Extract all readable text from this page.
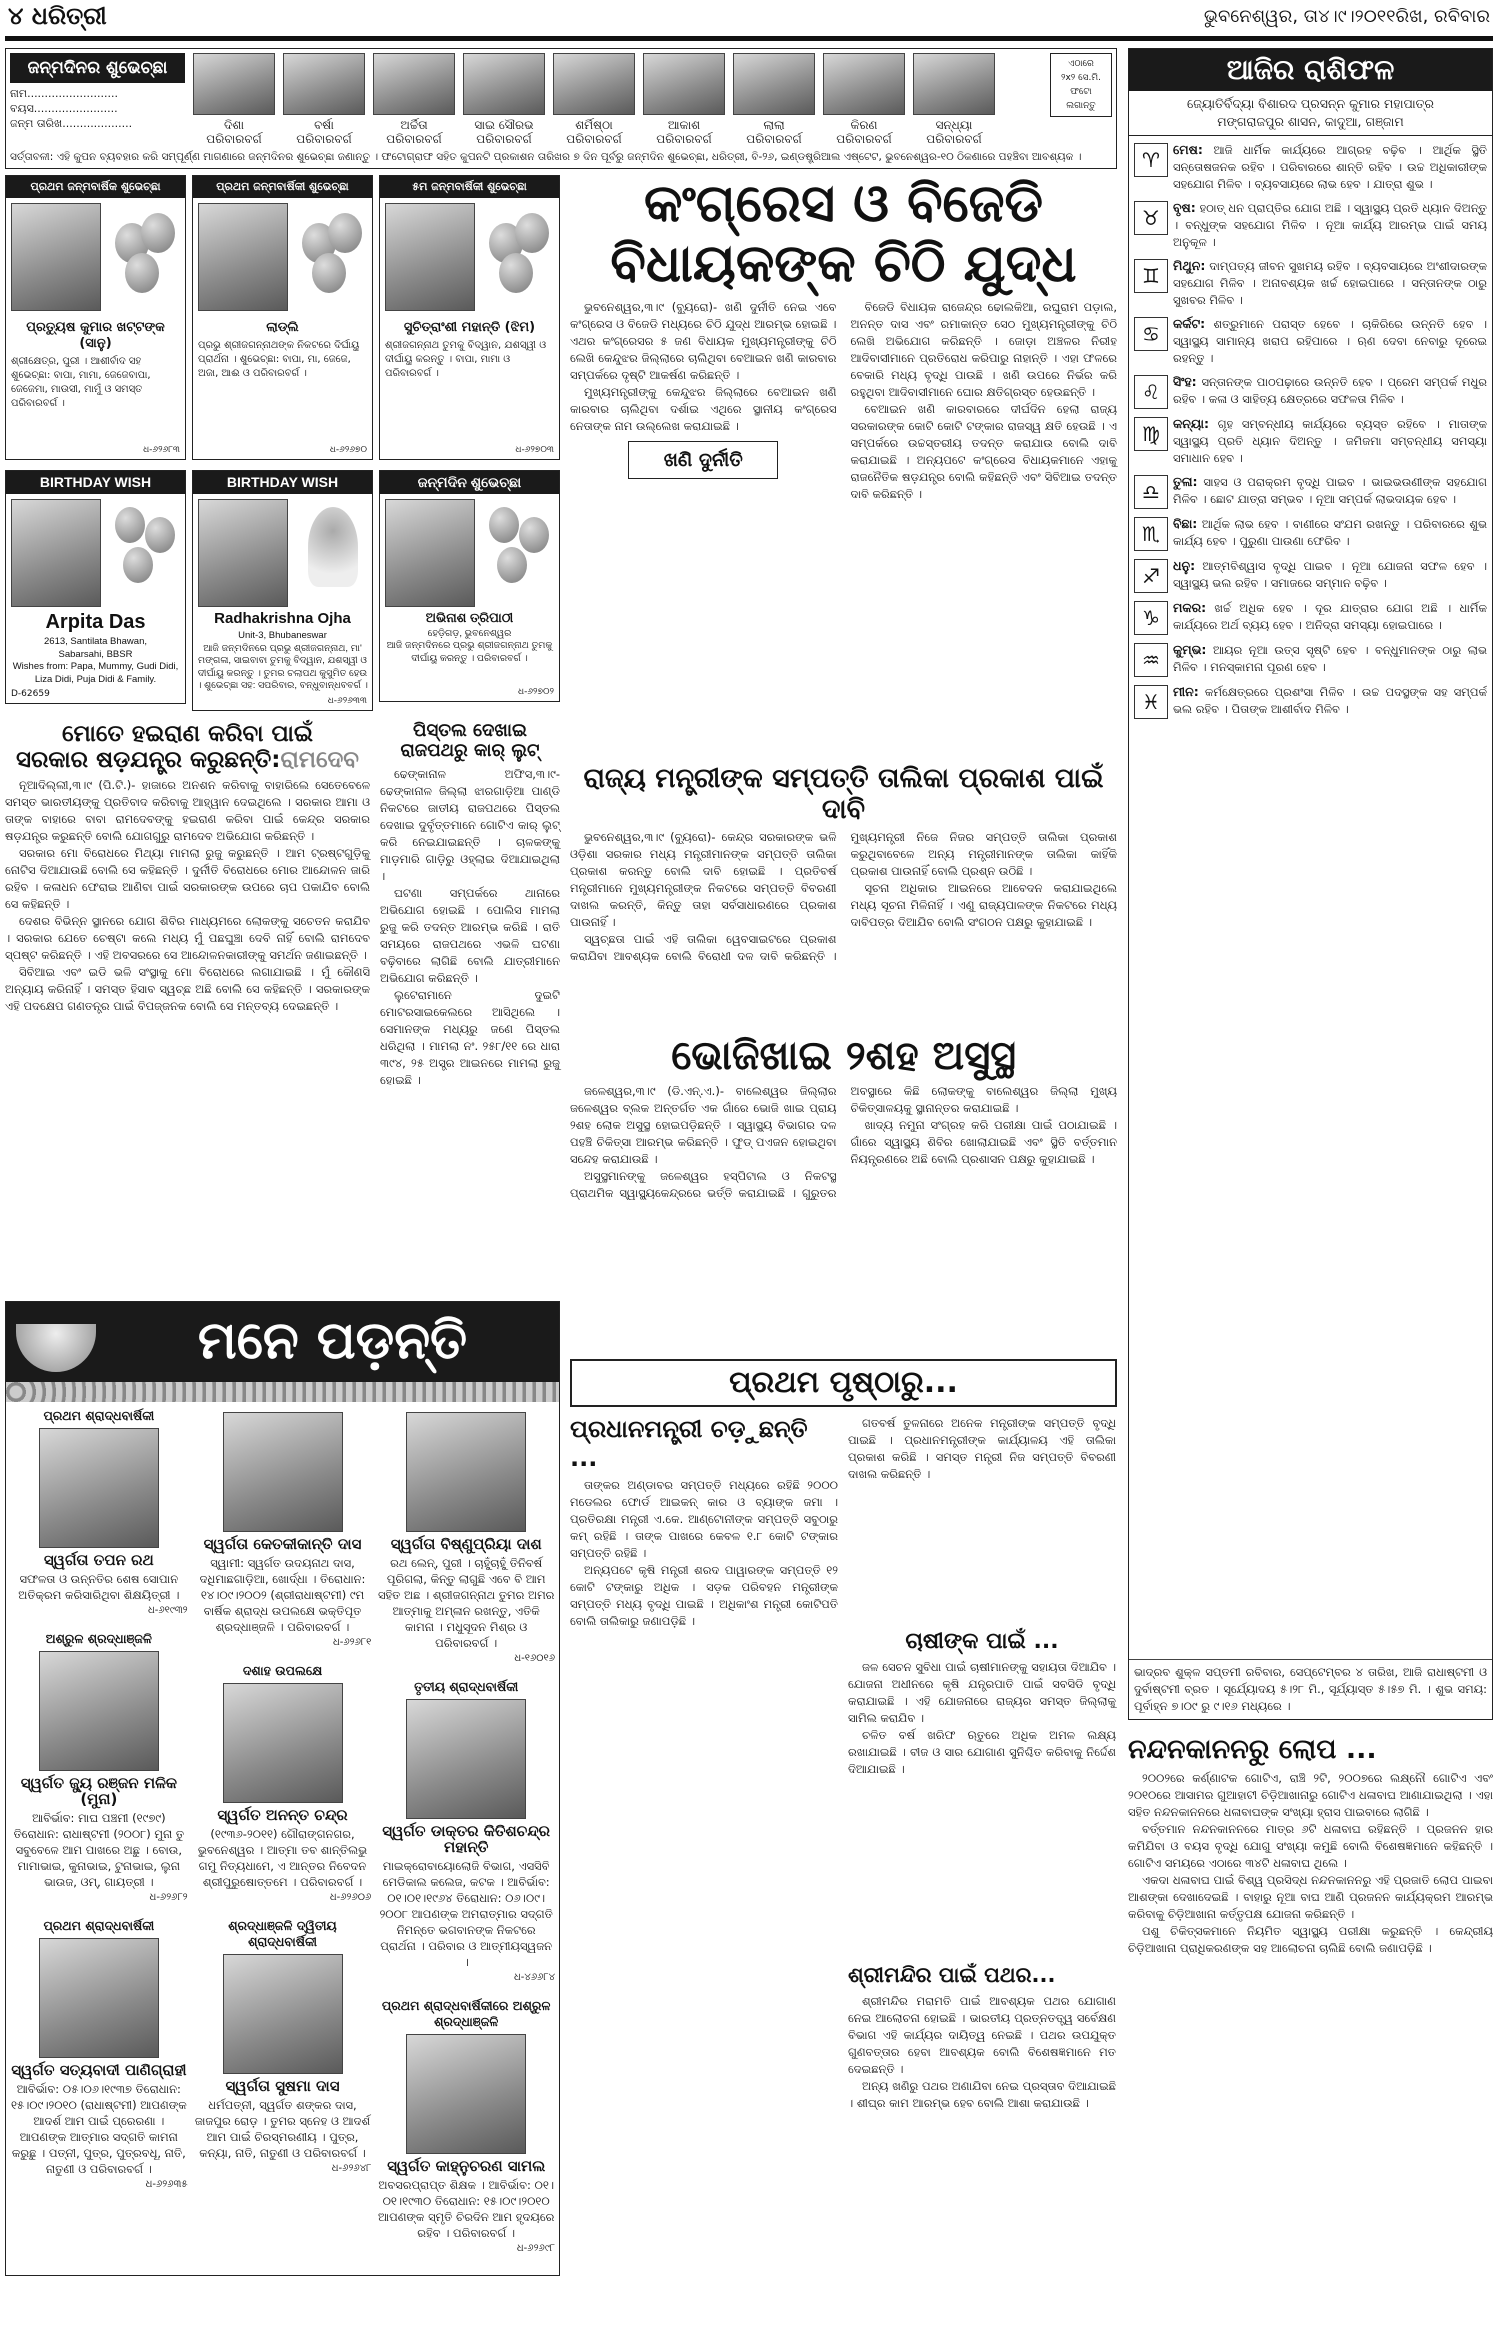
୪ ଧରିତ୍ରୀ	ଭୁବନେଶ୍ୱର, ତା୪।୯।୨୦୧୧ରିଖ, ରବିବାର
ଜନ୍ମଦିନର ଶୁଭେଚ୍ଛା
ନାମ..........................
ବୟସ........................
ଜନ୍ମ ତାରିଖ....................	ଦିଶା
ପରିବାରବର୍ଗ
ବର୍ଷା
ପରିବାରବର୍ଗ
ଅର୍ଚ୍ଚିତା
ପରିବାରବର୍ଗ
ସାଇ ସୌରଭ
ପରିବାରବର୍ଗ
ଶର୍ମିଷ୍ଠା
ପରିବାରବର୍ଗ
ଆକାଶ
ପରିବାରବର୍ଗ
ଲାଲା
ପରିବାରବର୍ଗ
କିରଣ
ପରିବାରବର୍ଗ
ସନ୍ଧ୍ୟା
ପରିବାରବର୍ଗ
ଏଠାରେ
୨x୨ ସେ.ମି.
ଫଟୋ
ଲଗାନ୍ତୁ
ସର୍ତ୍ତାବଳୀ: ଏହି କୁପନ ବ୍ୟବହାର କରି ସମ୍ପୂର୍ଣ୍ଣ ମାଗଣାରେ ଜନ୍ମଦିନର ଶୁଭେଚ୍ଛା ଜଣାନ୍ତୁ । ଫଟୋଗ୍ରାଫ ସହିତ କୁପନଟି ପ୍ରକାଶନ ତାରିଖର ୭ ଦିନ ପୂର୍ବରୁ ଜନ୍ମଦିନ ଶୁଭେଚ୍ଛା, ଧରିତ୍ରୀ, ବି-୨୬, ଇଣ୍ଡଷ୍ଟ୍ରିଆଲ ଏଷ୍ଟେଟ, ଭୁବନେଶ୍ୱର-୧୦ ଠିକଣାରେ ପହଞ୍ଚିବା ଆବଶ୍ୟକ ।
ପ୍ରଥମ ଜନ୍ମବାର୍ଷିକ ଶୁଭେଚ୍ଛା
ପ୍ରତ୍ୟୁଷ କୁମାର ଖଟ୍ଟଙ୍କ (ସାନୁ)
ଶ୍ରୀକ୍ଷେତ୍ର, ପୁରୀ । ଆଶୀର୍ବାଦ ସହ ଶୁଭେଚ୍ଛା: ବାପା, ମାମା, ଜେଜେବାପା, ଜେଜେମା, ମାଉସୀ, ମାମୁଁ ଓ ସମସ୍ତ ପରିବାରବର୍ଗ ।
ଧ-୬୨୬୮୩
ପ୍ରଥମ ଜନ୍ମବାର୍ଷିକୀ ଶୁଭେଚ୍ଛା
ଲାଡ୍ଲି
ପ୍ରଭୁ ଶ୍ରୀଜଗନ୍ନାଥଙ୍କ ନିକଟରେ ଦିର୍ଘାୟୁ ପ୍ରାର୍ଥନା । ଶୁଭେଚ୍ଛା: ବାପା, ମା, ଜେଜେ, ଅଜା, ଆଈ ଓ ପରିବାରବର୍ଗ ।
ଧ-୬୨୬୭୦
୫ମ ଜନ୍ମବାର୍ଷିକୀ ଶୁଭେଚ୍ଛା
ସୁଚିତ୍ରାଂଶୀ ମହାନ୍ତି (ଝିମ)
ଶ୍ରୀଜଗନ୍ନାଥ ତୁମକୁ ବିଦ୍ୱାନ, ଯଶସ୍ୱୀ ଓ ଦୀର୍ଘାୟୁ କରନ୍ତୁ । ବାପା, ମାମା ଓ ପରିବାରବର୍ଗ ।
ଧ-୬୨୭୦୩
BIRTHDAY WISH
Arpita Das
2613, Santilata Bhawan,
Sabarsahi, BBSR
Wishes from: Papa, Mummy, Gudi Didi, Liza Didi, Puja Didi & Family.
D-62659
BIRTHDAY WISH
Radhakrishna Ojha
Unit-3, Bhubaneswar
ଆଜି ଜନ୍ମଦିନରେ ପ୍ରଭୁ ଶ୍ରୀଜଗନ୍ନାଥ, ମା' ମଙ୍ଗଳା, ସାଇବାବା ତୁମକୁ ବିଦ୍ୱାନ, ଯଶସ୍ୱୀ ଓ ଦୀର୍ଘାୟୁ କରନ୍ତୁ । ତୁମର ଚଲାପଥ କୁସୁମିତ ହେଉ । ଶୁଭେଚ୍ଛା ସହ: ସପରିବାର, ବନ୍ଧୁବାନ୍ଧବବର୍ଗ ।
ଧ-୬୨୬୩୩
ଜନ୍ମଦିନ ଶୁଭେଚ୍ଛା
ଅଭିନାଶ ତ୍ରିପାଠୀ
ହେଡ଼ିଗଡ଼, ଭୁବନେଶ୍ୱର
ଆଜି ଜନ୍ମଦିନରେ ପ୍ରଭୁ ଶ୍ରୀଜଗନ୍ନାଥ ତୁମକୁ ଦୀର୍ଘାୟୁ କରନ୍ତୁ । ପରିବାରବର୍ଗ ।
ଧ-୬୨୭୦୨
ମୋତେ ହଇରାଣ କରିବା ପାଇଁ
ସରକାର ଷଡ଼ଯନ୍ତ୍ର କରୁଛନ୍ତି:ରାମଦେବ

ନୂଆଦିଲ୍ଲୀ,୩।୯ (ପି.ଟି.)- ହାଜାରେ ଅନଶନ କରିବାକୁ ବାହାରିଲେ ସେତେବେଳେ ସମସ୍ତ ଭାରତୀୟଙ୍କୁ ପ୍ରତିବାଦ କରିବାକୁ ଆହ୍ୱାନ ଦେଇଥିଲେ । ସରକାର ଆମା ଓ ତାଙ୍କ ବାହାରେ ବାବା ରାମଦେବଙ୍କୁ ହଇରାଣ କରିବା ପାଇଁ କେନ୍ଦ୍ର ସରକାର ଷଡ଼ଯନ୍ତ୍ର କରୁଛନ୍ତି ବୋଲି ଯୋଗଗୁରୁ ରାମଦେବ ଅଭିଯୋଗ କରିଛନ୍ତି ।

ସରକାର ମୋ ବିରୋଧରେ ମିଥ୍ୟା ମାମଲା ରୁଜୁ କରୁଛନ୍ତି । ଆମ ଟ୍ରଷ୍ଟଗୁଡ଼ିକୁ ନୋଟିସ ଦିଆଯାଉଛି ବୋଲି ସେ କହିଛନ୍ତି । ଦୁର୍ନୀତି ବିରୋଧରେ ମୋର ଆନ୍ଦୋଳନ ଜାରି ରହିବ । କଳାଧନ ଫେରାଇ ଆଣିବା ପାଇଁ ସରକାରଙ୍କ ଉପରେ ଚାପ ପକାଯିବ ବୋଲି ସେ କହିଛନ୍ତି ।

ଦେଶର ବିଭିନ୍ନ ସ୍ଥାନରେ ଯୋଗ ଶିବିର ମାଧ୍ୟମରେ ଲୋକଙ୍କୁ ସଚେତନ କରାଯିବ । ସରକାର ଯେତେ ଚେଷ୍ଟା କଲେ ମଧ୍ୟ ମୁଁ ପଛଘୁଞ୍ଚା ଦେବି ନାହିଁ ବୋଲି ରାମଦେବ ସ୍ପଷ୍ଟ କରିଛନ୍ତି । ଏହି ଅବସରରେ ସେ ଆନ୍ଦୋଳନକାରୀଙ୍କୁ ସମର୍ଥନ ଜଣାଇଛନ୍ତି ।

ସିବିଆଇ ଏବଂ ଇଡି ଭଳି ସଂସ୍ଥାକୁ ମୋ ବିରୋଧରେ ଲଗାଯାଇଛି । ମୁଁ କୌଣସି ଅନ୍ୟାୟ କରିନାହିଁ । ସମସ୍ତ ହିସାବ ସ୍ୱଚ୍ଛ ଅଛି ବୋଲି ସେ କହିଛନ୍ତି । ସରକାରଙ୍କ ଏହି ପଦକ୍ଷେପ ଗଣତନ୍ତ୍ର ପାଇଁ ବିପଜ୍ଜନକ ବୋଲି ସେ ମନ୍ତବ୍ୟ ଦେଇଛନ୍ତି ।

ପିସ୍ତଲ ଦେଖାଇ
ରାଜପଥରୁ କାର୍ ଲୁଟ୍

ଢେଙ୍କାନାଳ ଅଫିସ,୩।୯- ଢେଙ୍କାନାଳ ଜିଲ୍ଲା ଝାରଗାଡ଼ିଆ ପାଣ୍ଡି ନିକଟରେ ଜାତୀୟ ରାଜପଥରେ ପିସ୍ତଲ ଦେଖାଇ ଦୁର୍ବୃତ୍ତମାନେ ଗୋଟିଏ କାର୍ ଲୁଟ୍ କରି ନେଇଯାଇଛନ୍ତି । ଚାଳକଙ୍କୁ ମାଡ଼ମାରି ଗାଡ଼ିରୁ ଓହ୍ଲାଇ ଦିଆଯାଇଥିଲା ।

ଘଟଣା ସମ୍ପର୍କରେ ଥାନାରେ ଅଭିଯୋଗ ହୋଇଛି । ପୋଲିସ ମାମଲା ରୁଜୁ କରି ତଦନ୍ତ ଆରମ୍ଭ କରିଛି । ରାତି ସମୟରେ ରାଜପଥରେ ଏଭଳି ଘଟଣା ବଢ଼ିବାରେ ଲାଗିଛି ବୋଲି ଯାତ୍ରୀମାନେ ଅଭିଯୋଗ କରିଛନ୍ତି ।

ଲୁଟେରାମାନେ ଦୁଇଟି ମୋଟରସାଇକେଲରେ ଆସିଥିଲେ । ସେମାନଙ୍କ ମଧ୍ୟରୁ ଜଣେ ପିସ୍ତଲ ଧରିଥିଲା । ମାମଲା ନଂ. ୨୫୮/୧୧ ରେ ଧାରା ୩୯୪, ୨୫ ଅସ୍ତ୍ର ଆଇନରେ ମାମଲା ରୁଜୁ ହୋଇଛି ।

ମନେ ପଡ଼ନ୍ତି
ପ୍ରଥମ ଶ୍ରାଦ୍ଧବାର୍ଷିକୀ
ସ୍ୱର୍ଗତା ତପନ ରଥ
ସଫଳତା ଓ ଉନ୍ନତିର ଶେଷ ସୋପାନ ଅତିକ୍ରମ କରିସାରିଥିବା ଶିକ୍ଷୟିତ୍ରୀ ।
ଧ-୬୧୯୩୨
ଅଶ୍ରୁଳ ଶ୍ରଦ୍ଧାଞ୍ଜଳି
ସ୍ୱର୍ଗତ ଜ୍ୟୁ ରଞ୍ଜନ ମଳିକ (ମୁନା)
ଆବିର୍ଭାବ: ମାଘ ପଞ୍ଚମୀ (୧୯୭୯) ତିରୋଧାନ: ରାଧାଷ୍ଟମୀ (୨୦୦୮) ମୁନା ତୁ ସବୁବେଳେ ଆମ ପାଖରେ ଅଛୁ । ବୋଉ, ମାମାଭାଇ, କୁନାଭାଇ, ଟୁନାଭାଇ, ଲୁନା ଭାଉଜ, ଓମ୍, ଗାୟତ୍ରୀ ।
ଧ-୬୨୬୮୨
ପ୍ରଥମ ଶ୍ରାଦ୍ଧବାର୍ଷିକୀ
ସ୍ୱର୍ଗତ ସତ୍ୟବାଦୀ ପାଣିଗ୍ରାହୀ
ଆବିର୍ଭାବ: ୦୫।୦୬।୧୯୩୭ ତିରୋଧାନ: ୧୫।୦୯।୨୦୧୦ (ରାଧାଷ୍ଟମୀ) ଆପଣଙ୍କ ଆଦର୍ଶ ଆମ ପାଇଁ ପ୍ରେରଣା । ଆପଣଙ୍କ ଆତ୍ମାର ସଦ୍‌ଗତି କାମନା କରୁଛୁ । ପତ୍ନୀ, ପୁତ୍ର, ପୁତ୍ରବଧୂ, ନାତି, ନାତୁଣୀ ଓ ପରିବାରବର୍ଗ ।
ଧ-୬୨୬୩୫
ସ୍ୱର୍ଗତା କେତକୀକାନ୍ତି ଦାସ
ସ୍ୱାମୀ: ସ୍ୱର୍ଗତ ଉଦୟନାଥ ଦାସ, ଦଧିମାଛଗାଡ଼ିଆ, ଖୋର୍ଦ୍ଧା । ତିରୋଧାନ: ୧୪।୦୯।୨୦୦୨ (ଶ୍ରୀରାଧାଷ୍ଟମୀ) ୯ମ ବାର୍ଷିକ ଶ୍ରାଦ୍ଧ ଉପଲକ୍ଷେ ଭକ୍ତିପୂତ ଶ୍ରଦ୍ଧାଞ୍ଜଳି । ପରିବାରବର୍ଗ ।
ଧ-୬୨୬୮୧
ଦଶାହ ଉପଲକ୍ଷେ
ସ୍ୱର୍ଗତ ଅନନ୍ତ ଚନ୍ଦ୍ର
(୧୯୩୬-୨୦୧୧) ଗୌରାଙ୍ଗନଗର, ଭୁବନେଶ୍ୱର । ଆତ୍ମା ତବ ଶାନ୍ତିଲଭୁ ଗମୁ ନିତ୍ୟଧାମେ, ଏ ଆନ୍ତର ନିବେଦନ ଶ୍ରୀପୁରୁଷୋତ୍ତମେ । ପରିବାରବର୍ଗ ।
ଧ-୬୨୬୦୬
ଶ୍ରଦ୍ଧାଞ୍ଜଳି ଦ୍ୱିତୀୟ ଶ୍ରାଦ୍ଧବାର୍ଷିକୀ
ସ୍ୱର୍ଗତା ସୁଷମା ଦାସ
ଧର୍ମପତ୍ନୀ, ସ୍ୱର୍ଗତ ଶଙ୍କର ଦାସ, ଜାଜପୁର ରୋଡ଼ । ତୁମର ସ୍ନେହ ଓ ଆଦର୍ଶ ଆମ ପାଇଁ ଚିରସ୍ମରଣୀୟ । ପୁତ୍ର, କନ୍ୟା, ନାତି, ନାତୁଣୀ ଓ ପରିବାରବର୍ଗ ।
ଧ-୬୨୬୪୮
ସ୍ୱର୍ଗତା ବିଷ୍ଣୁପ୍ରିୟା ଦାଶ
ରଥ ଲେନ୍, ପୁରୀ । ଚାହୁଁଚାହୁଁ ତିନିବର୍ଷ ପୂରିଗଲା, କିନ୍ତୁ ଲାଗୁଛି ଏବେ ବି ଆମ ସହିତ ଅଛ । ଶ୍ରୀଜଗନ୍ନାଥ ତୁମର ଅମର ଆତ୍ମାକୁ ଅମ୍ଳାନ ରଖନ୍ତୁ, ଏତିକି କାମନା । ମଧୁସୂଦନ ମିଶ୍ର ଓ ପରିବାରବର୍ଗ ।
ଧ-୧୬୦୧୬
ତୃତୀୟ ଶ୍ରାଦ୍ଧବାର୍ଷିକୀ
ସ୍ୱର୍ଗତ ଡାକ୍ତର କିତିଶଚନ୍ଦ୍ର ମହାନ୍ତି
ମାଇକ୍ରୋବାୟୋଲୋଜି ବିଭାଗ, ଏସସିବି ମେଡିକାଲ କଲେଜ, କଟକ । ଆବିର୍ଭାବ: ୦୧।୦୧।୧୯୬୪ ତିରୋଧାନ: ୦୬।୦୯।୨୦୦୮ ଆପଣଙ୍କ ଅମରାତ୍ମାର ସଦ୍‌ଗତି ନିମନ୍ତେ ଭଗବାନଙ୍କ ନିକଟରେ ପ୍ରାର୍ଥନା । ପରିବାର ଓ ଆତ୍ମୀୟସ୍ୱଜନ ।
ଧ-୪୬୬୮୪
ପ୍ରଥମ ଶ୍ରାଦ୍ଧବାର୍ଷିକୀରେ ଅଶ୍ରୁଳ ଶ୍ରଦ୍ଧାଞ୍ଜଳି
ସ୍ୱର୍ଗତ କାହ୍ନୁଚରଣ ସାମଲ
ଅବସରପ୍ରାପ୍ତ ଶିକ୍ଷକ । ଆବିର୍ଭାବ: ୦୧।୦୧।୧୯୩୦ ତିରୋଧାନ: ୧୫।୦୯।୨୦୧୦ ଆପଣଙ୍କ ସ୍ମୃତି ଚିରଦିନ ଆମ ହୃଦୟରେ ରହିବ । ପରିବାରବର୍ଗ ।
ଧ-୬୨୬୯୮
କଂଗ୍ରେସ ଓ ବିଜେଡି
ବିଧାୟକଙ୍କ ଚିଠି ଯୁଦ୍ଧ

ଭୁବନେଶ୍ୱର,୩।୯ (ବ୍ୟୁରୋ)- ଖଣି ଦୁର୍ନୀତି ନେଇ ଏବେ କଂଗ୍ରେସ ଓ ବିଜେଡି ମଧ୍ୟରେ ଚିଠି ଯୁଦ୍ଧ ଆରମ୍ଭ ହୋଇଛି । ଏଥର କଂଗ୍ରେସର ୫ ଜଣ ବିଧାୟକ ମୁଖ୍ୟମନ୍ତ୍ରୀଙ୍କୁ ଚିଠି ଲେଖି କେନ୍ଦୁଝର ଜିଲ୍ଲାରେ ଚାଲିଥିବା ବେଆଇନ ଖଣି କାରବାର ସମ୍ପର୍କରେ ଦୃଷ୍ଟି ଆକର୍ଷଣ କରିଛନ୍ତି ।

ମୁଖ୍ୟମନ୍ତ୍ରୀଙ୍କୁ କେନ୍ଦୁଝର ଜିଲ୍ଲାରେ ବେଆଇନ ଖଣି କାରବାର ଚାଲିଥିବା ଦର୍ଶାଇ ଏଥିରେ ସ୍ଥାନୀୟ କଂଗ୍ରେସ ନେତାଙ୍କ ନାମ ଉଲ୍ଲେଖ କରାଯାଇଛି ।

ଖଣି ଦୁର୍ନୀତି

ବିଜେଡି ବିଧାୟକ ରାଜେନ୍ଦ୍ର ଢୋଲକିଆ, ରଘୁରାମ ପଡ଼ାଲ, ଅନନ୍ତ ଦାସ ଏବଂ ରମାକାନ୍ତ ସେଠ ମୁଖ୍ୟମନ୍ତ୍ରୀଙ୍କୁ ଚିଠି ଲେଖି ଅଭିଯୋଗ କରିଛନ୍ତି । ଜୋଡ଼ା ଅଞ୍ଚଳର ନିରୀହ ଆଦିବାସୀମାନେ ପ୍ରତିରୋଧ କରିପାରୁ ନାହାନ୍ତି । ଏହା ଫଳରେ ବେକାରି ମଧ୍ୟ ବୃଦ୍ଧି ପାଉଛି । ଖଣି ଉପରେ ନିର୍ଭର କରି ରହୁଥିବା ଆଦିବାସୀମାନେ ଘୋର କ୍ଷତିଗ୍ରସ୍ତ ହେଉଛନ୍ତି ।

ବେଆଇନ ଖଣି କାରବାରରେ ଦୀର୍ଘଦିନ ହେଲା ରାଜ୍ୟ ସରକାରଙ୍କ କୋଟି କୋଟି ଟଙ୍କାର ରାଜସ୍ୱ କ୍ଷତି ହେଉଛି । ଏ ସମ୍ପର୍କରେ ଉଚ୍ଚସ୍ତରୀୟ ତଦନ୍ତ କରାଯାଉ ବୋଲି ଦାବି କରାଯାଇଛି । ଅନ୍ୟପଟେ କଂଗ୍ରେସ ବିଧାୟକମାନେ ଏହାକୁ ରାଜନୈତିକ ଷଡ଼ଯନ୍ତ୍ର ବୋଲି କହିଛନ୍ତି ଏବଂ ସିବିଆଇ ତଦନ୍ତ ଦାବି କରିଛନ୍ତି ।

ରାଜ୍ୟ ମନ୍ତ୍ରୀଙ୍କ ସମ୍ପତ୍ତି ତାଲିକା ପ୍ରକାଶ ପାଇଁ ଦାବି

ଭୁବନେଶ୍ୱର,୩।୯ (ବ୍ୟୁରୋ)- କେନ୍ଦ୍ର ସରକାରଙ୍କ ଭଳି ଓଡ଼ିଶା ସରକାର ମଧ୍ୟ ମନ୍ତ୍ରୀମାନଙ୍କ ସମ୍ପତ୍ତି ତାଲିକା ପ୍ରକାଶ କରନ୍ତୁ ବୋଲି ଦାବି ହୋଇଛି । ପ୍ରତିବର୍ଷ ମନ୍ତ୍ରୀମାନେ ମୁଖ୍ୟମନ୍ତ୍ରୀଙ୍କ ନିକଟରେ ସମ୍ପତ୍ତି ବିବରଣୀ ଦାଖଲ କରନ୍ତି, କିନ୍ତୁ ତାହା ସର୍ବସାଧାରଣରେ ପ୍ରକାଶ ପାଉନାହିଁ ।

ସ୍ୱଚ୍ଛତା ପାଇଁ ଏହି ତାଲିକା ୱେବସାଇଟରେ ପ୍ରକାଶ କରାଯିବା ଆବଶ୍ୟକ ବୋଲି ବିରୋଧୀ ଦଳ ଦାବି କରିଛନ୍ତି । ମୁଖ୍ୟମନ୍ତ୍ରୀ ନିଜେ ନିଜର ସମ୍ପତ୍ତି ତାଲିକା ପ୍ରକାଶ କରୁଥିବାବେଳେ ଅନ୍ୟ ମନ୍ତ୍ରୀମାନଙ୍କ ତାଲିକା କାହିଁକି ପ୍ରକାଶ ପାଉନାହିଁ ବୋଲି ପ୍ରଶ୍ନ ଉଠିଛି ।

ସୂଚନା ଅଧିକାର ଆଇନରେ ଆବେଦନ କରାଯାଇଥିଲେ ମଧ୍ୟ ସୂଚନା ମିଳିନାହିଁ । ଏଣୁ ରାଜ୍ୟପାଳଙ୍କ ନିକଟରେ ମଧ୍ୟ ଦାବିପତ୍ର ଦିଆଯିବ ବୋଲି ସଂଗଠନ ପକ୍ଷରୁ କୁହାଯାଇଛି ।

ଭୋଜିଖାଇ ୨ଶହ ଅସୁସ୍ଥ

ଜଳେଶ୍ୱର,୩।୯ (ଡି.ଏନ୍.ଏ.)- ବାଲେଶ୍ୱର ଜିଲ୍ଲାର ଜଳେଶ୍ୱର ବ୍ଲକ ଅନ୍ତର୍ଗତ ଏକ ଗାଁରେ ଭୋଜି ଖାଇ ପ୍ରାୟ ୨ଶହ ଲୋକ ଅସୁସ୍ଥ ହୋଇପଡ଼ିଛନ୍ତି । ସ୍ୱାସ୍ଥ୍ୟ ବିଭାଗର ଦଳ ପହଞ୍ଚି ଚିକିତ୍ସା ଆରମ୍ଭ କରିଛନ୍ତି । ଫୁଡ୍ ପଏଜନ ହୋଇଥିବା ସନ୍ଦେହ କରାଯାଉଛି ।

ଅସୁସ୍ଥମାନଙ୍କୁ ଜଳେଶ୍ୱର ହସ୍ପିଟାଲ ଓ ନିକଟସ୍ଥ ପ୍ରାଥମିକ ସ୍ୱାସ୍ଥ୍ୟକେନ୍ଦ୍ରରେ ଭର୍ତ୍ତି କରାଯାଇଛି । ଗୁରୁତର ଅବସ୍ଥାରେ କିଛି ଲୋକଙ୍କୁ ବାଲେଶ୍ୱର ଜିଲ୍ଲା ମୁଖ୍ୟ ଚିକିତ୍ସାଳୟକୁ ସ୍ଥାନାନ୍ତର କରାଯାଇଛି ।

ଖାଦ୍ୟ ନମୁନା ସଂଗ୍ରହ କରି ପରୀକ୍ଷା ପାଇଁ ପଠାଯାଇଛି । ଗାଁରେ ସ୍ୱାସ୍ଥ୍ୟ ଶିବିର ଖୋଲାଯାଇଛି ଏବଂ ସ୍ଥିତି ବର୍ତ୍ତମାନ ନିୟନ୍ତ୍ରଣରେ ଅଛି ବୋଲି ପ୍ରଶାସନ ପକ୍ଷରୁ କୁହାଯାଇଛି ।

ପ୍ରଥମ ପୃଷ୍ଠାରୁ...
ପ୍ରଧାନମନ୍ତ୍ରୀ ଚଡ଼ୁଛନ୍ତି ...

ତାଙ୍କର ଅଣ୍ଡାବର ସମ୍ପତ୍ତି ମଧ୍ୟରେ ରହିଛି ୨୦୦୦ ମଡେଲର ଫୋର୍ଡ ଆଇକନ୍ କାର ଓ ବ୍ୟାଙ୍କ ଜମା । ପ୍ରତିରକ୍ଷା ମନ୍ତ୍ରୀ ଏ.କେ. ଆଣ୍ଟୋନୀଙ୍କ ସମ୍ପତ୍ତି ସବୁଠାରୁ କମ୍ ରହିଛି । ତାଙ୍କ ପାଖରେ କେବଳ ୧.୮ କୋଟି ଟଙ୍କାର ସମ୍ପତ୍ତି ରହିଛି ।

ଅନ୍ୟପଟେ କୃଷି ମନ୍ତ୍ରୀ ଶରଦ ପାୱାରଙ୍କ ସମ୍ପତ୍ତି ୧୨ କୋଟି ଟଙ୍କାରୁ ଅଧିକ । ସଡ଼କ ପରିବହନ ମନ୍ତ୍ରୀଙ୍କ ସମ୍ପତ୍ତି ମଧ୍ୟ ବୃଦ୍ଧି ପାଇଛି । ଅଧିକାଂଶ ମନ୍ତ୍ରୀ କୋଟିପତି ବୋଲି ତାଲିକାରୁ ଜଣାପଡ଼ିଛି ।

ଗତବର୍ଷ ତୁଳନାରେ ଅନେକ ମନ୍ତ୍ରୀଙ୍କ ସମ୍ପତ୍ତି ବୃଦ୍ଧି ପାଇଛି । ପ୍ରଧାନମନ୍ତ୍ରୀଙ୍କ କାର୍ଯ୍ୟାଳୟ ଏହି ତାଲିକା ପ୍ରକାଶ କରିଛି । ସମସ୍ତ ମନ୍ତ୍ରୀ ନିଜ ସମ୍ପତ୍ତି ବିବରଣୀ ଦାଖଲ କରିଛନ୍ତି ।

ଚାଷୀଙ୍କ ପାଇଁ ...

ଜଳ ସେଚନ ସୁବିଧା ପାଇଁ ଚାଷୀମାନଙ୍କୁ ସହାୟତା ଦିଆଯିବ । ଯୋଜନା ଅଧୀନରେ କୃଷି ଯନ୍ତ୍ରପାତି ପାଇଁ ସବସିଡି ବୃଦ୍ଧି କରାଯାଇଛି । ଏହି ଯୋଜନାରେ ରାଜ୍ୟର ସମସ୍ତ ଜିଲ୍ଲାକୁ ସାମିଲ କରାଯିବ ।

ଚଳିତ ବର୍ଷ ଖରିଫ ଋତୁରେ ଅଧିକ ଅମଳ ଲକ୍ଷ୍ୟ ରଖାଯାଇଛି । ବୀଜ ଓ ସାର ଯୋଗାଣ ସୁନିଶ୍ଚିତ କରିବାକୁ ନିର୍ଦ୍ଦେଶ ଦିଆଯାଇଛି ।

ଶ୍ରୀମନ୍ଦିର ପାଇଁ ପଥର...

ଶ୍ରୀମନ୍ଦିର ମରାମତି ପାଇଁ ଆବଶ୍ୟକ ପଥର ଯୋଗାଣ ନେଇ ଆଲୋଚନା ହୋଇଛି । ଭାରତୀୟ ପ୍ରତ୍ନତତ୍ତ୍ୱ ସର୍ବେକ୍ଷଣ ବିଭାଗ ଏହି କାର୍ଯ୍ୟର ଦାୟିତ୍ୱ ନେଇଛି । ପଥର ଉପଯୁକ୍ତ ଗୁଣବତ୍ତାର ହେବା ଆବଶ୍ୟକ ବୋଲି ବିଶେଷଜ୍ଞମାନେ ମତ ଦେଇଛନ୍ତି ।

ଅନ୍ୟ ଖଣିରୁ ପଥର ଅଣାଯିବା ନେଇ ପ୍ରସ୍ତାବ ଦିଆଯାଇଛି । ଶୀଘ୍ର କାମ ଆରମ୍ଭ ହେବ ବୋଲି ଆଶା କରାଯାଉଛି ।

ଆଜିର ରାଶିଫଳ
ଜ୍ୟୋତିର୍ବିଦ୍ୟା ବିଶାରଦ ପ୍ରସନ୍ନ କୁମାର ମହାପାତ୍ର
ମଙ୍ଗରାଜପୁର ଶାସନ, କାଦୁଆ, ଗଞ୍ଜାମ
♈	ମେଷ: ଆଜି ଧାର୍ମିକ କାର୍ଯ୍ୟରେ ଆଗ୍ରହ ବଢ଼ିବ । ଆର୍ଥିକ ସ୍ଥିତି ସନ୍ତୋଷଜନକ ରହିବ । ପରିବାରରେ ଶାନ୍ତି ରହିବ । ଉଚ୍ଚ ଅଧିକାରୀଙ୍କ ସହଯୋଗ ମିଳିବ । ବ୍ୟବସାୟରେ ଲାଭ ହେବ । ଯାତ୍ରା ଶୁଭ ।
♉	ବୃଷ: ହଠାତ୍ ଧନ ପ୍ରାପ୍ତିର ଯୋଗ ଅଛି । ସ୍ୱାସ୍ଥ୍ୟ ପ୍ରତି ଧ୍ୟାନ ଦିଅନ୍ତୁ । ବନ୍ଧୁଙ୍କ ସହଯୋଗ ମିଳିବ । ନୂଆ କାର୍ଯ୍ୟ ଆରମ୍ଭ ପାଇଁ ସମୟ ଅନୁକୂଳ ।
♊	ମିଥୁନ: ଦାମ୍ପତ୍ୟ ଜୀବନ ସୁଖମୟ ରହିବ । ବ୍ୟବସାୟରେ ଅଂଶୀଦାରଙ୍କ ସହଯୋଗ ମିଳିବ । ଅନାବଶ୍ୟକ ଖର୍ଚ୍ଚ ହୋଇପାରେ । ସନ୍ତାନଙ୍କ ଠାରୁ ସୁଖବର ମିଳିବ ।
♋	କର୍କଟ: ଶତ୍ରୁମାନେ ପରାସ୍ତ ହେବେ । ଚାକିରିରେ ଉନ୍ନତି ହେବ । ସ୍ୱାସ୍ଥ୍ୟ ସାମାନ୍ୟ ଖରାପ ରହିପାରେ । ଋଣ ଦେବା ନେବାରୁ ଦୂରେଇ ରହନ୍ତୁ ।
♌	ସିଂହ: ସନ୍ତାନଙ୍କ ପାଠପଢ଼ାରେ ଉନ୍ନତି ହେବ । ପ୍ରେମ ସମ୍ପର୍କ ମଧୁର ରହିବ । କଳା ଓ ସାହିତ୍ୟ କ୍ଷେତ୍ରରେ ସଫଳତା ମିଳିବ ।
♍	କନ୍ୟା: ଗୃହ ସମ୍ବନ୍ଧୀୟ କାର୍ଯ୍ୟରେ ବ୍ୟସ୍ତ ରହିବେ । ମାତାଙ୍କ ସ୍ୱାସ୍ଥ୍ୟ ପ୍ରତି ଧ୍ୟାନ ଦିଅନ୍ତୁ । ଜମିଜମା ସମ୍ବନ୍ଧୀୟ ସମସ୍ୟା ସମାଧାନ ହେବ ।
♎	ତୁଳା: ସାହସ ଓ ପରାକ୍ରମ ବୃଦ୍ଧି ପାଇବ । ଭାଇଭଉଣୀଙ୍କ ସହଯୋଗ ମିଳିବ । ଛୋଟ ଯାତ୍ରା ସମ୍ଭବ । ନୂଆ ସମ୍ପର୍କ ଲାଭଦାୟକ ହେବ ।
♏	ବିଛା: ଆର୍ଥିକ ଲାଭ ହେବ । ବାଣୀରେ ସଂଯମ ରଖନ୍ତୁ । ପରିବାରରେ ଶୁଭ କାର୍ଯ୍ୟ ହେବ । ପୁରୁଣା ପାଉଣା ଫେରିବ ।
♐	ଧନୁ: ଆତ୍ମବିଶ୍ୱାସ ବୃଦ୍ଧି ପାଇବ । ନୂଆ ଯୋଜନା ସଫଳ ହେବ । ସ୍ୱାସ୍ଥ୍ୟ ଭଲ ରହିବ । ସମାଜରେ ସମ୍ମାନ ବଢ଼ିବ ।
♑	ମକର: ଖର୍ଚ୍ଚ ଅଧିକ ହେବ । ଦୂର ଯାତ୍ରାର ଯୋଗ ଅଛି । ଧାର୍ମିକ କାର୍ଯ୍ୟରେ ଅର୍ଥ ବ୍ୟୟ ହେବ । ଅନିଦ୍ରା ସମସ୍ୟା ହୋଇପାରେ ।
♒	କୁମ୍ଭ: ଆୟର ନୂଆ ଉତ୍ସ ସୃଷ୍ଟି ହେବ । ବନ୍ଧୁମାନଙ୍କ ଠାରୁ ଲାଭ ମିଳିବ । ମନସ୍କାମନା ପୂରଣ ହେବ ।
♓	ମୀନ: କର୍ମକ୍ଷେତ୍ରରେ ପ୍ରଶଂସା ମିଳିବ । ଉଚ୍ଚ ପଦସ୍ଥଙ୍କ ସହ ସମ୍ପର୍କ ଭଲ ରହିବ । ପିତାଙ୍କ ଆଶୀର୍ବାଦ ମିଳିବ ।
ଭାଦ୍ରବ ଶୁକ୍ଳ ସପ୍ତମୀ ରବିବାର, ସେପ୍ଟେମ୍ବର ୪ ତାରିଖ, ଆଜି ରାଧାଷ୍ଟମୀ ଓ ଦୁର୍ବାଷ୍ଟମୀ ବ୍ରତ । ସୂର୍ଯ୍ୟୋଦୟ ୫।୨୮ ମି., ସୂର୍ଯ୍ୟାସ୍ତ ୫।୫୭ ମି. । ଶୁଭ ସମୟ: ପୂର୍ବାହ୍ନ ୭।୦୯ ରୁ ୯।୧୬ ମଧ୍ୟରେ ।
ନନ୍ଦନକାନନରୁ ଲୋପ ...

୨୦୦୨ରେ କର୍ଣ୍ଣାଟକ ଗୋଟିଏ, ରାଞ୍ଚି ୨ଟି, ୨୦୦୭ରେ ଲକ୍ଷ୍ନୌ ଗୋଟିଏ ଏବଂ ୨୦୧୦ରେ ଆସାମର ଗୁଆହାଟୀ ଚିଡ଼ିଆଖାନାରୁ ଗୋଟିଏ ଧଳାବାଘ ଆଣାଯାଇଥିଲା । ଏହା ସହିତ ନନ୍ଦନକାନନରେ ଧଳାବାଘଙ୍କ ସଂଖ୍ୟା ହ୍ରାସ ପାଇବାରେ ଲାଗିଛି ।

ବର୍ତ୍ତମାନ ନନ୍ଦନକାନନରେ ମାତ୍ର ୬ଟି ଧଳାବାଘ ରହିଛନ୍ତି । ପ୍ରଜନନ ହାର କମିଯିବା ଓ ବୟସ ବୃଦ୍ଧି ଯୋଗୁ ସଂଖ୍ୟା କମୁଛି ବୋଲି ବିଶେଷଜ୍ଞମାନେ କହିଛନ୍ତି । ଗୋଟିଏ ସମୟରେ ଏଠାରେ ୩୪ଟି ଧଳାବାଘ ଥିଲେ ।

ଏକଦା ଧଳାବାଘ ପାଇଁ ବିଶ୍ୱ ପ୍ରସିଦ୍ଧ ନନ୍ଦନକାନନରୁ ଏହି ପ୍ରଜାତି ଲୋପ ପାଇବା ଆଶଙ୍କା ଦେଖାଦେଇଛି । ବାହାରୁ ନୂଆ ବାଘ ଆଣି ପ୍ରଜନନ କାର୍ଯ୍ୟକ୍ରମ ଆରମ୍ଭ କରିବାକୁ ଚିଡ଼ିଆଖାନା କର୍ତ୍ତୃପକ୍ଷ ଯୋଜନା କରିଛନ୍ତି ।

ପଶୁ ଚିକିତ୍ସକମାନେ ନିୟମିତ ସ୍ୱାସ୍ଥ୍ୟ ପରୀକ୍ଷା କରୁଛନ୍ତି । କେନ୍ଦ୍ରୀୟ ଚିଡ଼ିଆଖାନା ପ୍ରାଧିକରଣଙ୍କ ସହ ଆଲୋଚନା ଚାଲିଛି ବୋଲି ଜଣାପଡ଼ିଛି ।
